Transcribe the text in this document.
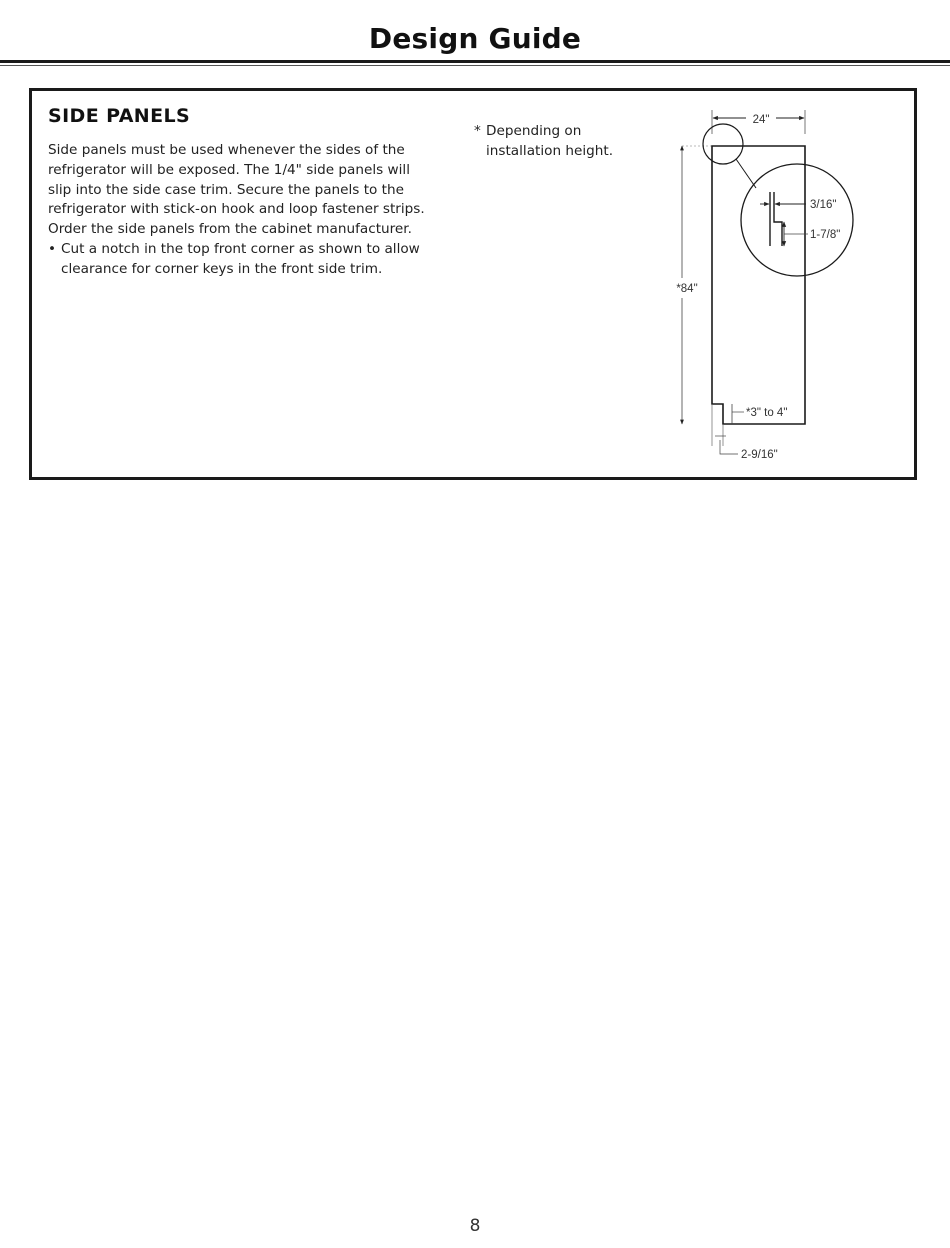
Design Guide
SIDE PANELS

Side panels must be used whenever the sides of the
refrigerator will be exposed. The 1/4" side panels will
slip into the side case trim. Secure the panels to the
refrigerator with stick-on hook and loop fastener strips.
Order the side panels from the cabinet manufacturer.

• Cut a notch in the top front corner as shown to allow clearance for corner keys in the front side trim.
* Depending on installation height.
24"
*84"
3/16"
1-7/8"
*3" to 4"
2-9/16"
8
